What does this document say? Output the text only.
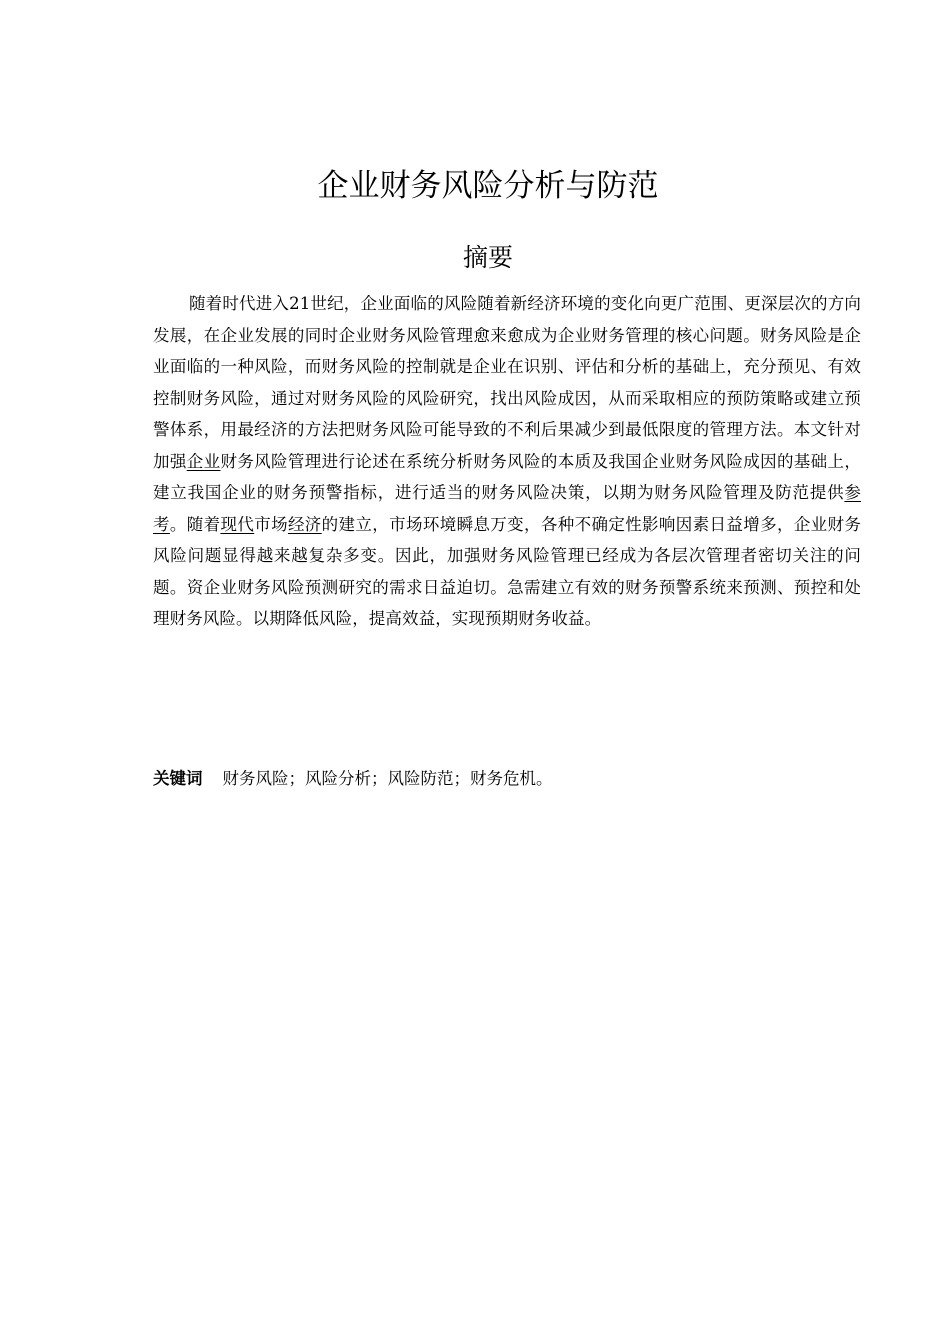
企业财务风险分析与防范
摘要

随着时代进入21世纪，企业面临的风险随着新经济环境的变化向更广范围、更深层次的方向发展，在企业发展的同时企业财务风险管理愈来愈成为企业财务管理的核心问题。财务风险是企业面临的一种风险，而财务风险的控制就是企业在识别、评估和分析的基础上，充分预见、有效控制财务风险，通过对财务风险的风险研究，找出风险成因，从而采取相应的预防策略或建立预警体系，用最经济的方法把财务风险可能导致的不利后果减少到最低限度的管理方法。本文针对加强企业财务风险管理进行论述在系统分析财务风险的本质及我国企业财务风险成因的基础上，建立我国企业的财务预警指标，进行适当的财务风险决策，以期为财务风险管理及防范提供参考。随着现代市场经济的建立，市场环境瞬息万变，各种不确定性影响因素日益增多，企业财务风险问题显得越来越复杂多变。因此，加强财务风险管理已经成为各层次管理者密切关注的问题。资企业财务风险预测研究的需求日益迫切。急需建立有效的财务预警系统来预测、预控和处理财务风险。以期降低风险，提高效益，实现预期财务收益。

关键词 财务风险；风险分析；风险防范；财务危机。
